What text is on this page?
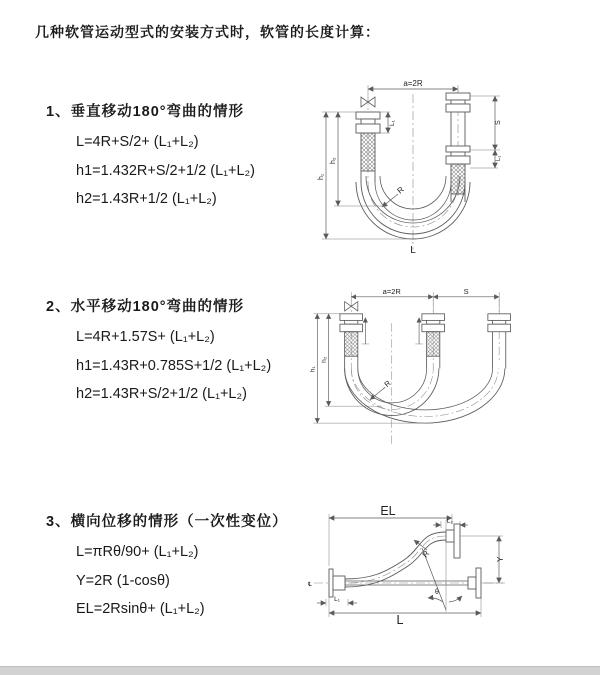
几种软管运动型式的安装方式时，软管的长度计算：
1、垂直移动180°弯曲的情形
L=4R+S/2+ (L₁+L₂)
h1=1.432R+S/2+1/2 (L₁+L₂)
h2=1.43R+1/2 (L₁+L₂)
a=2R
L₁	S
L₁
R
h₁
h₂
L
2、水平移动180°弯曲的情形
L=4R+1.57S+ (L₁+L₂)
h1=1.43R+0.785S+1/2 (L₁+L₂)
h2=1.43R+S/2+1/2 (L₁+L₂)
a=2R	S
R
h₁
h₂
3、横向位移的情形（一次性变位）
L=πRθ/90+ (L₁+L₂)
Y=2R (1-cosθ)
EL=2Rsinθ+ (L₁+L₂)
℄
EL
L₂
Y
θ
R
L₁
L
